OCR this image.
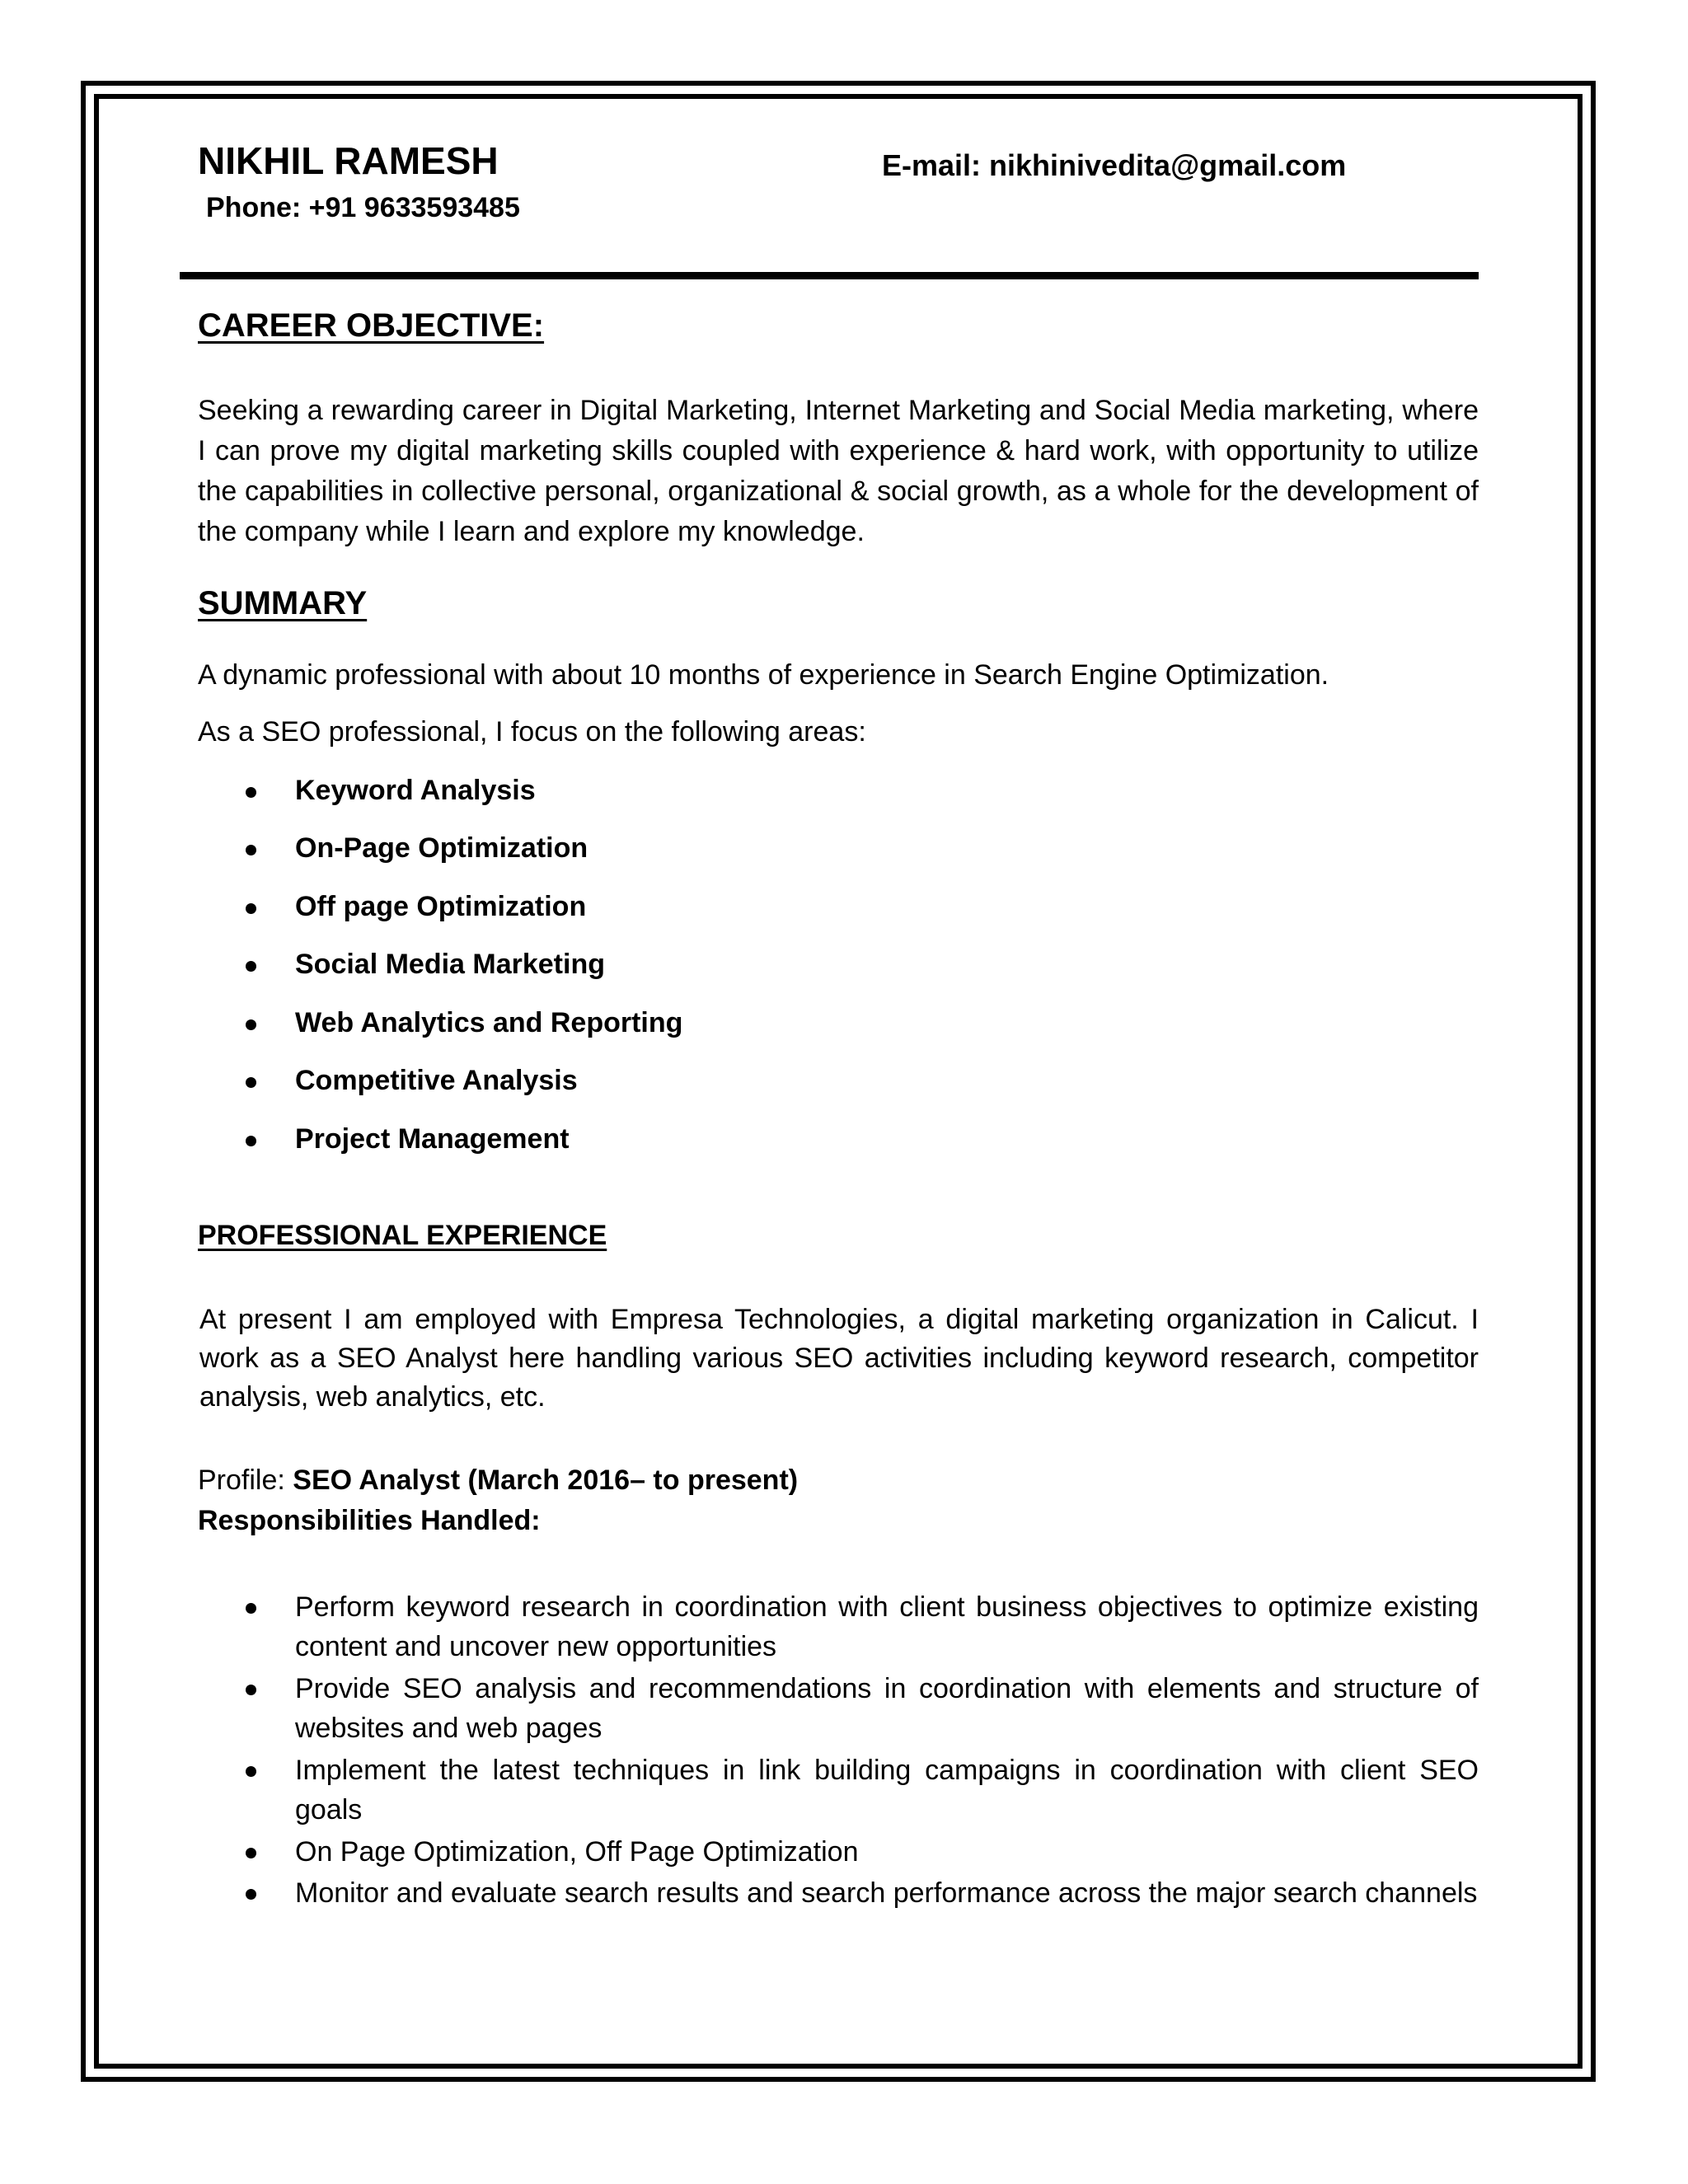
NIKHIL RAMESH	E-mail: nikhinivedita@gmail.com
Phone: +91 9633593485
CAREER OBJECTIVE:
Seeking a rewarding career in Digital Marketing, Internet Marketing and Social Media marketing, where I can prove my digital marketing skills coupled with experience & hard work, with opportunity to utilize the capabilities in collective personal, organizational & social growth, as a whole for the development of the company while I learn and explore my knowledge.
SUMMARY
A dynamic professional with about 10 months of experience in Search Engine Optimization.
As a SEO professional, I focus on the following areas:
Keyword Analysis
On-Page Optimization
Off page Optimization
Social Media Marketing
Web Analytics and Reporting
Competitive Analysis
Project Management
PROFESSIONAL EXPERIENCE
At present I am employed with Empresa Technologies, a digital marketing organization in Calicut. I work as a SEO Analyst here handling various SEO activities including keyword research, competitor analysis, web analytics, etc.
Profile: SEO Analyst (March 2016– to present)
Responsibilities Handled:
Perform keyword research in coordination with client business objectives to optimize existing content and uncover new opportunities
Provide SEO analysis and recommendations in coordination with elements and structure of websites and web pages
Implement the latest techniques in link building campaigns in coordination with client SEO goals
On Page Optimization, Off Page Optimization
Monitor and evaluate search results and search performance across the major search channels
